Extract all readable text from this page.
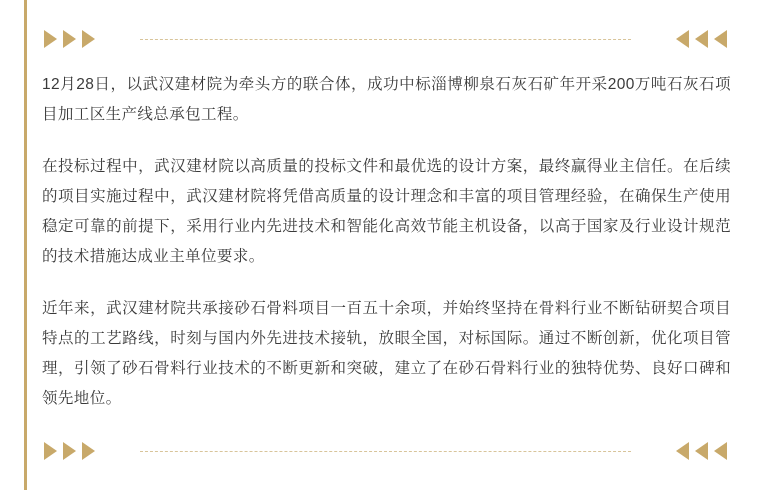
12月28日，以武汉建材院为牵头方的联合体，成功中标淄博柳泉石灰石矿年开采200万吨石灰石项目加工区生产线总承包工程。

在投标过程中，武汉建材院以高质量的投标文件和最优选的设计方案，最终赢得业主信任。在后续的项目实施过程中，武汉建材院将凭借高质量的设计理念和丰富的项目管理经验，在确保生产使用稳定可靠的前提下，采用行业内先进技术和智能化高效节能主机设备，以高于国家及行业设计规范的技术措施达成业主单位要求。

近年来，武汉建材院共承接砂石骨料项目一百五十余项，并始终坚持在骨料行业不断钻研契合项目特点的工艺路线，时刻与国内外先进技术接轨，放眼全国，对标国际。通过不断创新，优化项目管理，引领了砂石骨料行业技术的不断更新和突破，建立了在砂石骨料行业的独特优势、良好口碑和领先地位。
